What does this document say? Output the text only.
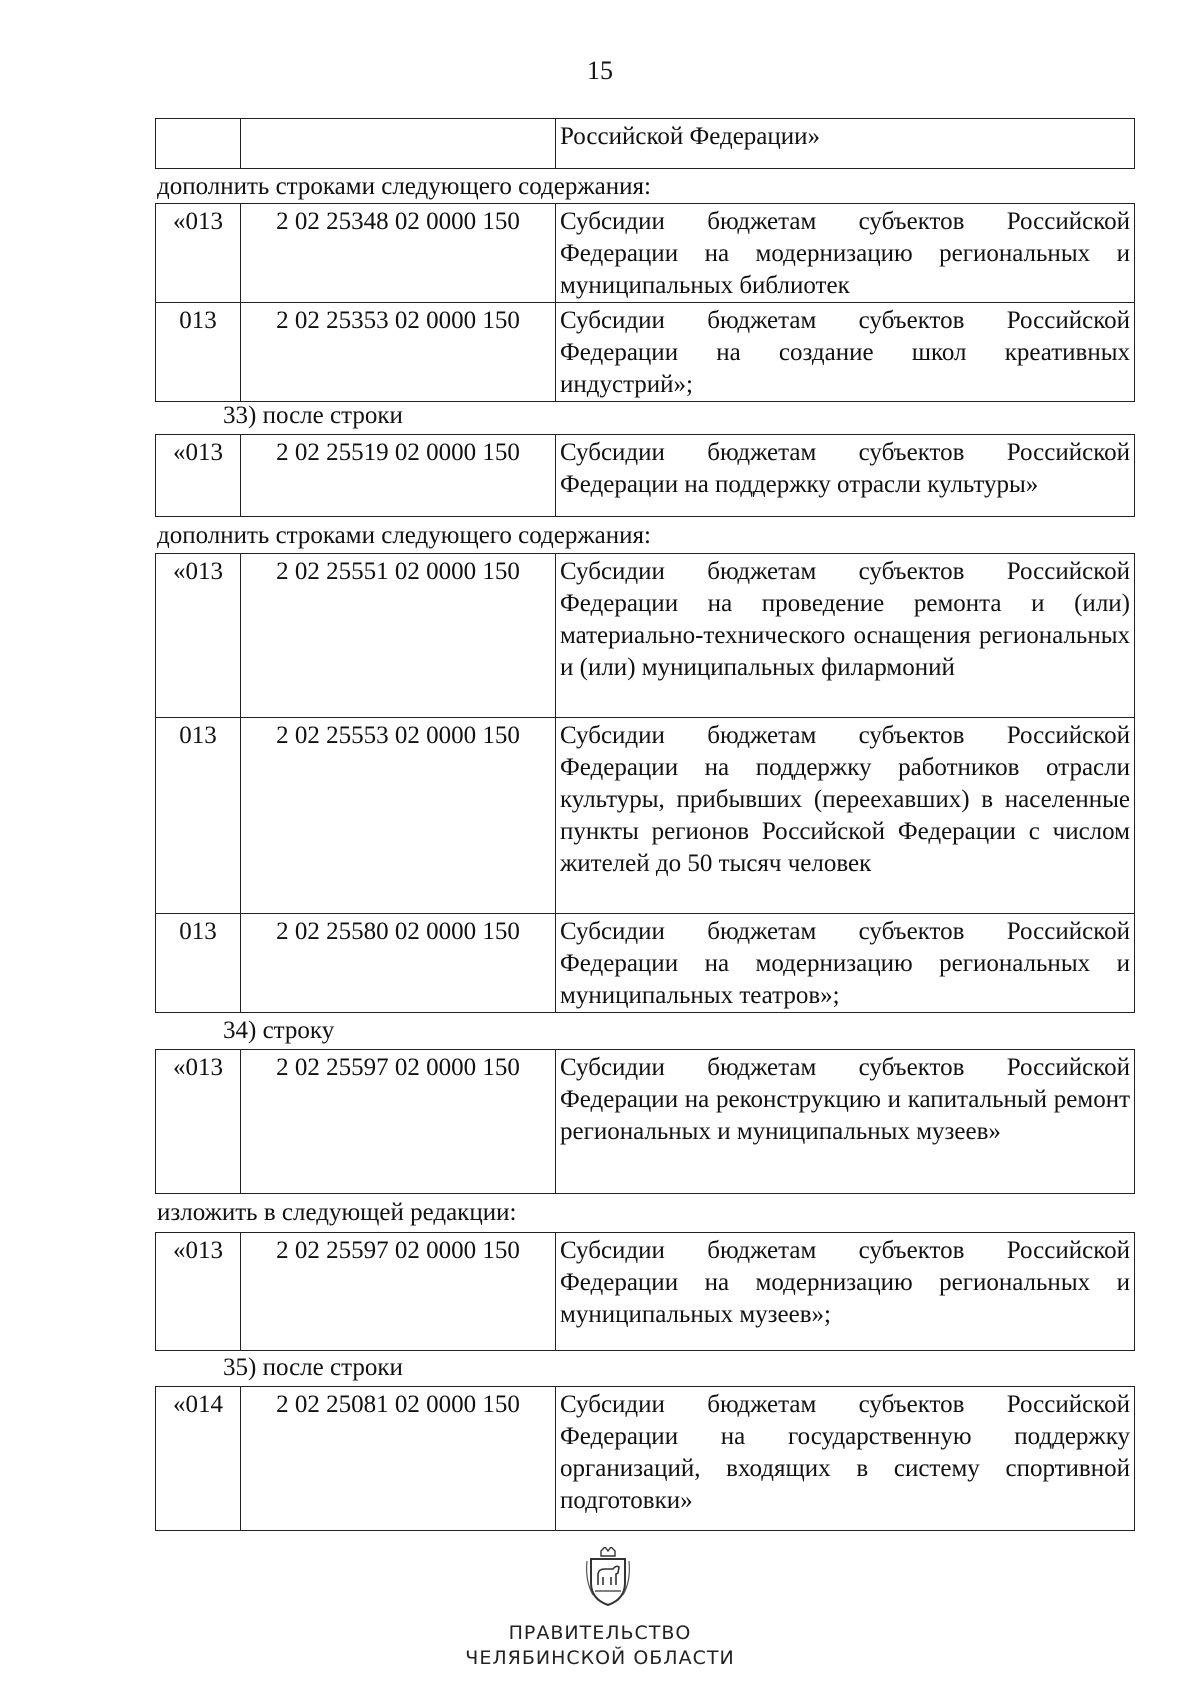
15
		Российской Федерации»
дополнить строками следующего содержания:
«013	2 02 25348 02 0000 150	Субсидии бюджетам субъектов Российской Федерации на модернизацию региональных и муниципальных библиотек
013	2 02 25353 02 0000 150	Субсидии бюджетам субъектов Российской Федерации на создание школ креативных индустрий»;
33) после строки
«013	2 02 25519 02 0000 150	Субсидии бюджетам субъектов Российской Федерации на поддержку отрасли культуры»
дополнить строками следующего содержания:
«013	2 02 25551 02 0000 150	Субсидии бюджетам субъектов Российской Федерации на проведение ремонта и (или) материально-технического оснащения региональных и (или) муниципальных филармоний
013	2 02 25553 02 0000 150	Субсидии бюджетам субъектов Российской Федерации на поддержку работников отрасли культуры, прибывших (переехавших) в населенные пункты регионов Российской Федерации с числом жителей до 50 тысяч человек
013	2 02 25580 02 0000 150	Субсидии бюджетам субъектов Российской Федерации на модернизацию региональных и муниципальных театров»;
34) строку
«013	2 02 25597 02 0000 150	Субсидии бюджетам субъектов Российской Федерации на реконструкцию и капитальный ремонт региональных и муниципальных музеев»
изложить в следующей редакции:
«013	2 02 25597 02 0000 150	Субсидии бюджетам субъектов Российской Федерации на модернизацию региональных и муниципальных музеев»;
35) после строки
«014	2 02 25081 02 0000 150	Субсидии бюджетам субъектов Российской Федерации на государственную поддержку организаций, входящих в систему спортивной подготовки»
ПРАВИТЕЛЬСТВО
ЧЕЛЯБИНСКОЙ ОБЛАСТИ
